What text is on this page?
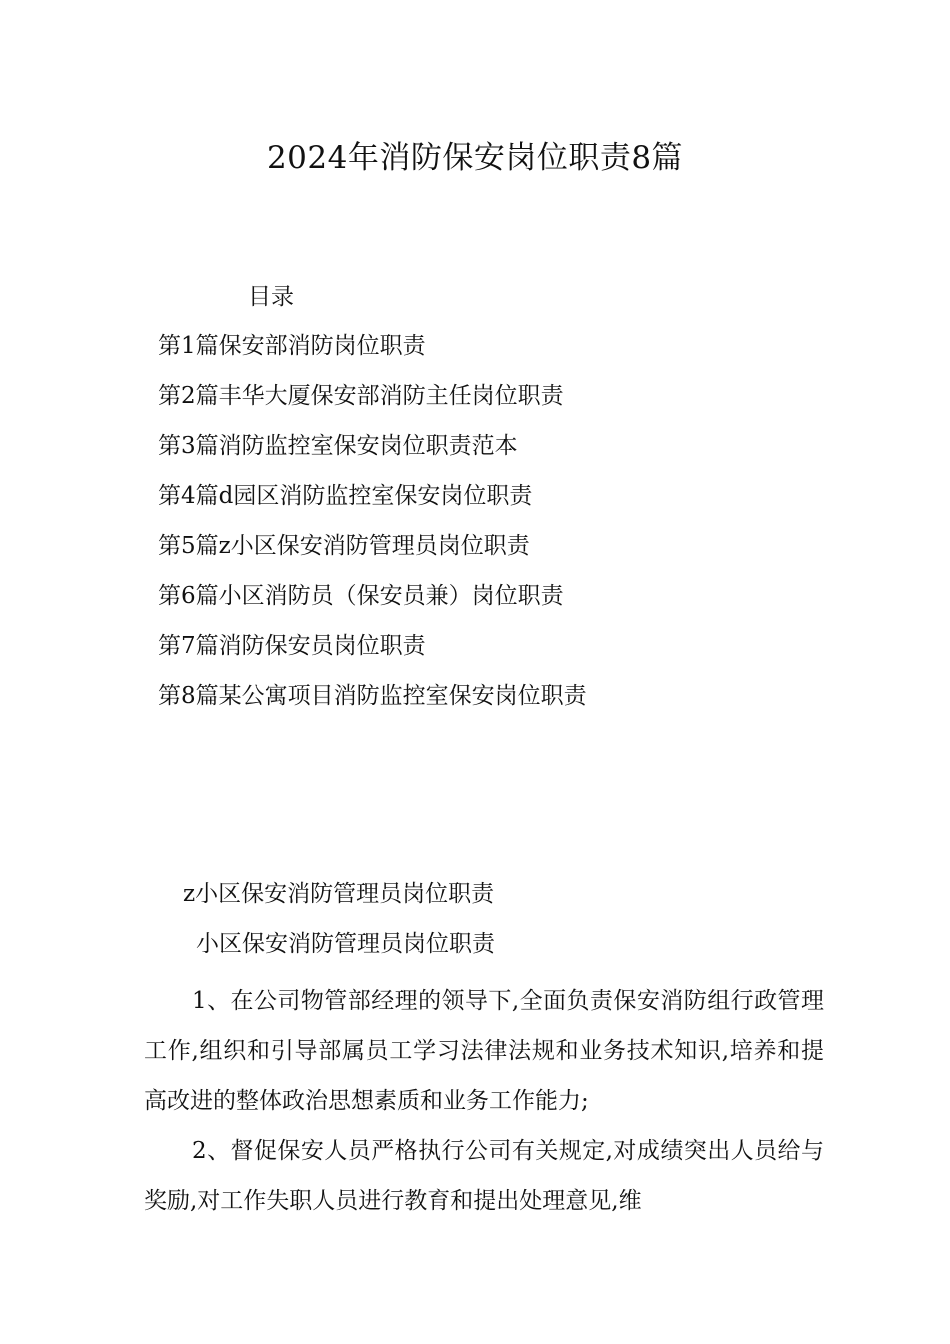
2024年消防保安岗位职责8篇
目录
第1篇保安部消防岗位职责
第2篇丰华大厦保安部消防主任岗位职责
第3篇消防监控室保安岗位职责范本
第4篇d园区消防监控室保安岗位职责
第5篇z小区保安消防管理员岗位职责
第6篇小区消防员（保安员兼）岗位职责
第7篇消防保安员岗位职责
第8篇某公寓项目消防监控室保安岗位职责
z小区保安消防管理员岗位职责
小区保安消防管理员岗位职责

1、在公司物管部经理的领导下,全面负责保安消防组行政管理工作,组织和引导部属员工学习法律法规和业务技术知识,培养和提高改进的整体政治思想素质和业务工作能力;

2、督促保安人员严格执行公司有关规定,对成绩突出人员给与奖励,对工作失职人员进行教育和提出处理意见,维
